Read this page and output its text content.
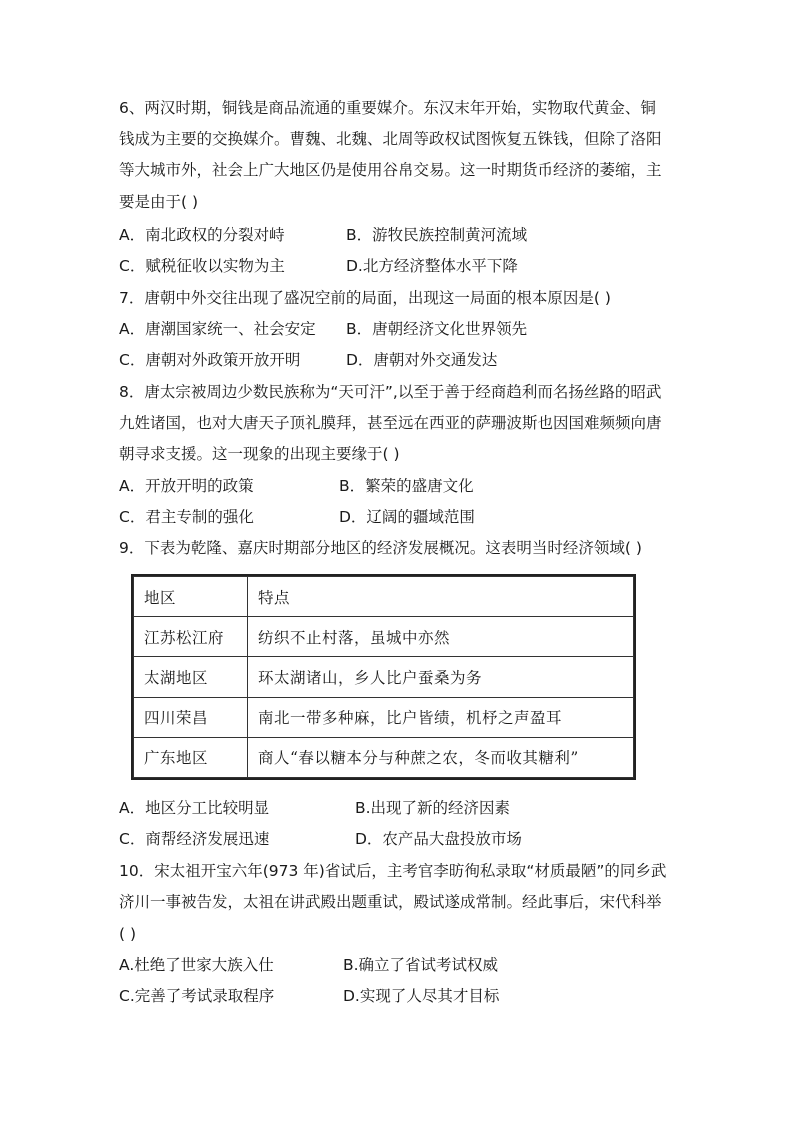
6、两汉时期，铜钱是商品流通的重要媒介。东汉末年开始，实物取代黄金、铜
钱成为主要的交换媒介。曹魏、北魏、北周等政权试图恢复五铢钱，但除了洛阳
等大城市外，社会上广大地区仍是使用谷帛交易。这一时期货币经济的萎缩，主
要是由于( )
A．南北政权的分裂对峙	B．游牧民族控制黄河流域
C．赋税征收以实物为主	D.北方经济整体水平下降
7．唐朝中外交往出现了盛况空前的局面，出现这一局面的根本原因是( )
A．唐潮国家统一、社会安定 B．唐朝经济文化世界领先
C．唐朝对外政策开放开明	D．唐朝对外交通发达
8．唐太宗被周边少数民族称为“天可汗”,以至于善于经商趋利而名扬丝路的昭武
九姓诸国，也对大唐天子顶礼膜拜，甚至远在西亚的萨珊波斯也因国难频频向唐
朝寻求支援。这一现象的出现主要缘于( )
A．开放开明的政策	B．繁荣的盛唐文化
C．君主专制的强化	D．辽阔的疆域范围
9．下表为乾隆、嘉庆时期部分地区的经济发展概况。这表明当时经济领域( )
地区	特点
江苏松江府	纺织不止村落，虽城中亦然
太湖地区	环太湖诸山，乡人比户蚕桑为务
四川荣昌	南北一带多种麻，比户皆绩，机杼之声盈耳
广东地区	商人“春以糖本分与种蔗之农，冬而收其糖利”
A．地区分工比较明显	B.出现了新的经济因素
C．商帮经济发展迅速	D．农产品大盘投放市场
10．宋太祖开宝六年(973 年)省试后，主考官李昉徇私录取“材质最陋”的同乡武
济川一事被告发，太祖在讲武殿出题重试，殿试遂成常制。经此事后，宋代科举
( )
A.杜绝了世家大族入仕	B.确立了省试考试权威
C.完善了考试录取程序	D.实现了人尽其才目标
